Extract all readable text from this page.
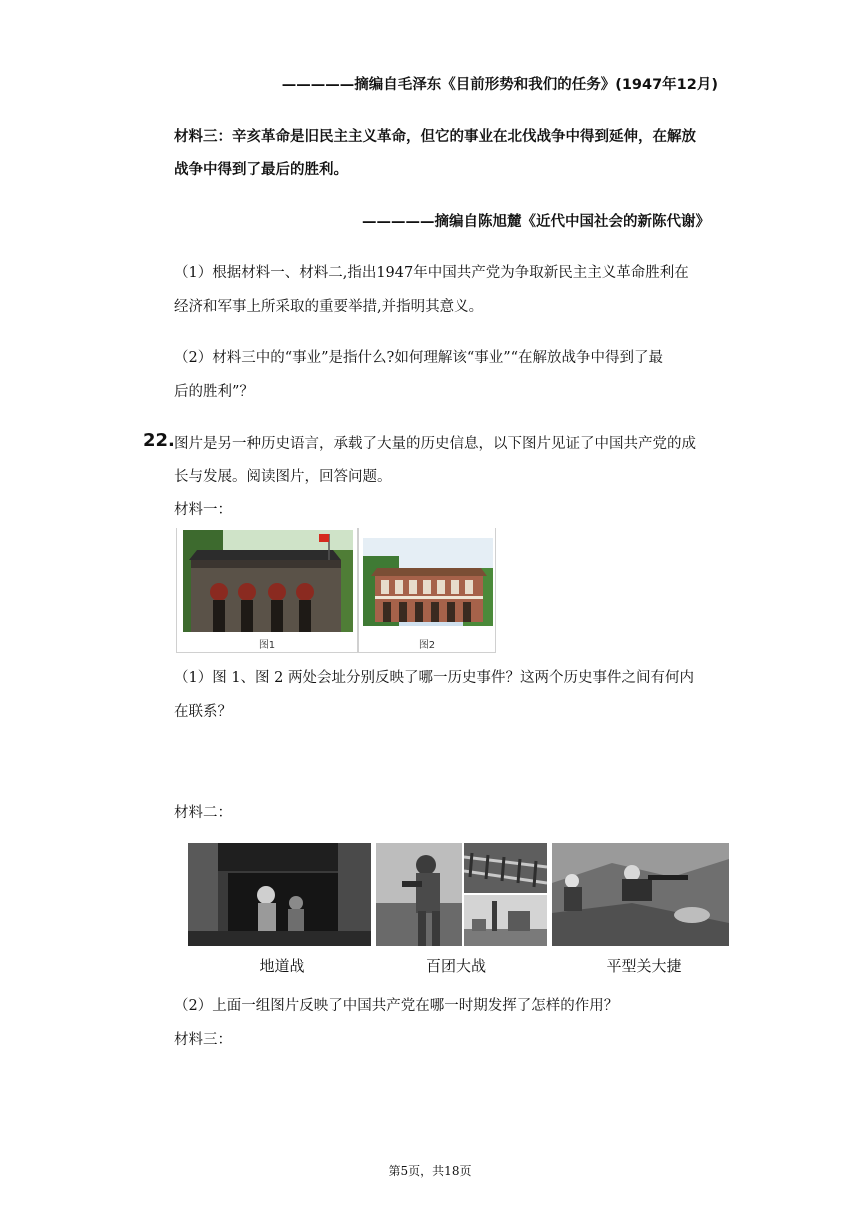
—————摘编自毛泽东《目前形势和我们的任务》(1947年12月)
材料三：辛亥革命是旧民主主义革命，但它的事业在北伐战争中得到延伸，在解放
战争中得到了最后的胜利。
—————摘编自陈旭麓《近代中国社会的新陈代谢》
（1）根据材料一、材料二,指出1947年中国共产党为争取新民主主义革命胜利在
经济和军事上所采取的重要举措,并指明其意义。
（2）材料三中的“事业”是指什么?如何理解该“事业”“在解放战争中得到了最
后的胜利”？
22. 图片是另一种历史语言，承载了大量的历史信息，以下图片见证了中国共产党的成
长与发展。阅读图片，回答问题。
材料一：
图1	图2
（1）图 1、图 2 两处会址分别反映了哪一历史事件？这两个历史事件之间有何内
在联系？
材料二：
地道战	百团大战	平型关大捷
（2）上面一组图片反映了中国共产党在哪一时期发挥了怎样的作用？
材料三：
第5页，共18页
